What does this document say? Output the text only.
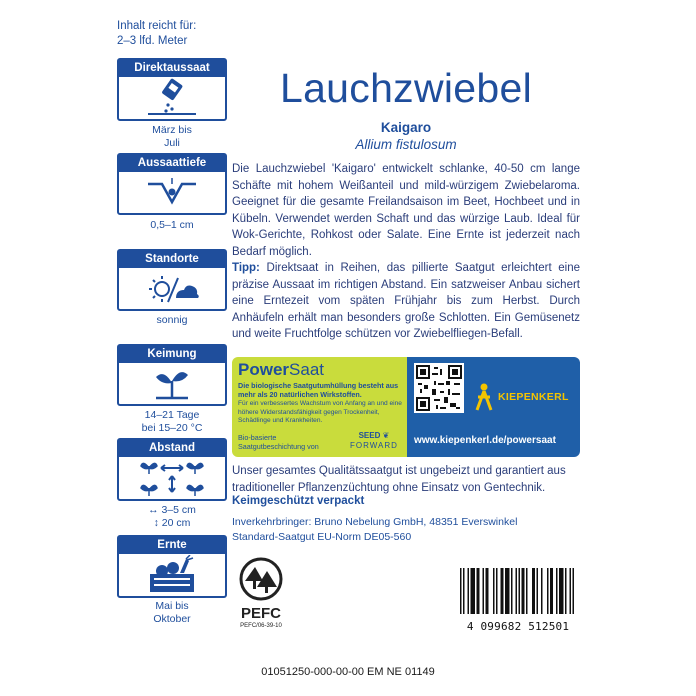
Inhalt reicht für:
2–3 lfd. Meter
Direktaussaat
März bis
Juli
Aussaattiefe
0,5–1 cm
Standorte
sonnig
Keimung
14–21 Tage
bei 15–20 °C
Abstand
↔ 3–5 cm
↕ 20 cm
Ernte
Mai bis
Oktober
Lauchzwiebel
Kaigaro
Allium fistulosum
Die Lauchzwiebel 'Kaigaro' entwickelt schlanke, 40-50 cm lange Schäfte mit hohem Weißanteil und mild-würzigem Zwiebelaroma. Geeignet für die gesamte Freilandsaison im Beet, Hochbeet und in Kübeln. Verwendet werden Schaft und das würzige Laub. Ideal für Wok-Gerichte, Rohkost oder Salate. Eine Ernte ist jederzeit nach Bedarf möglich.
Tipp: Direktsaat in Reihen, das pillierte Saatgut erleichtert eine präzise Aussaat im richtigen Abstand. Ein satzweiser Anbau sichert eine Erntezeit vom späten Frühjahr bis zum Herbst. Durch Anhäufeln erhält man besonders große Schlotten. Ein Gemüsenetz und weite Fruchtfolge schützen vor Zwiebelfliegen-Befall.
PowerSaat
Die biologische Saatgutumhüllung besteht aus mehr als 20 natürlichen Wirkstoffen.
Für ein verbessertes Wachstum von Anfang an und eine höhere Widerstandsfähigkeit gegen Trockenheit, Schädlinge und Krankheiten.
Bio-basierte
Saatgutbeschichtung von
SEED ❦
FORWARD
KIEPENKERL
www.kiepenkerl.de/powersaat
Unser gesamtes Qualitätssaatgut ist ungebeizt und garantiert aus traditioneller Pflanzenzüchtung ohne Einsatz von Gentechnik.
Keimgeschützt verpackt
Inverkehrbringer: Bruno Nebelung GmbH, 48351 Everswinkel
Standard-Saatgut EU-Norm DE05-560
PEFC
PEFC/06-39-10	4 099682 512501
01051250-000-00-00 EM NE 01149
